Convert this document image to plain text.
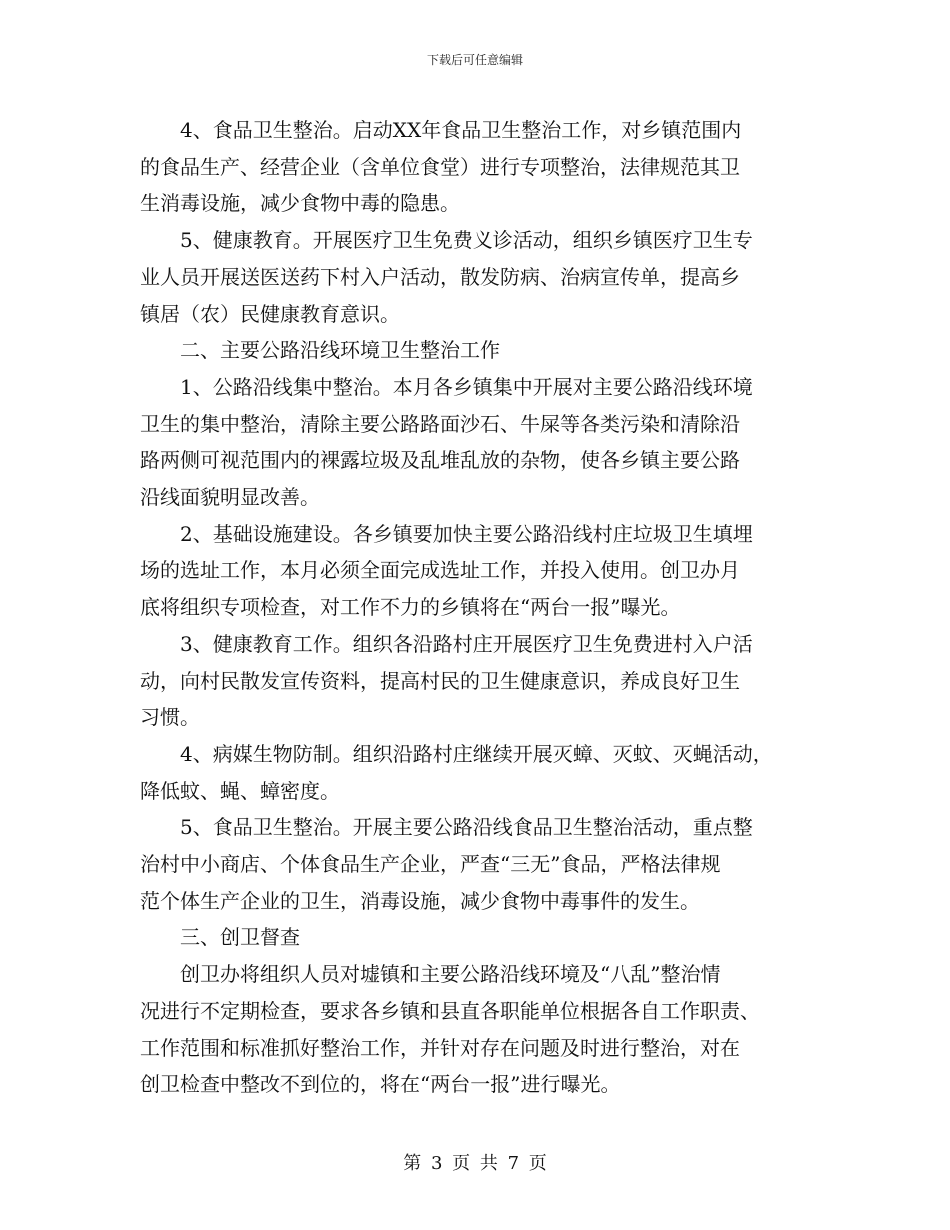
下载后可任意编辑

4、食品卫生整治。启动XX年食品卫生整治工作，对乡镇范围内
的食品生产、经营企业（含单位食堂）进行专项整治，法律规范其卫
生消毒设施，减少食物中毒的隐患。

5、健康教育。开展医疗卫生免费义诊活动，组织乡镇医疗卫生专
业人员开展送医送药下村入户活动，散发防病、治病宣传单，提高乡
镇居（农）民健康教育意识。

二、主要公路沿线环境卫生整治工作

1、公路沿线集中整治。本月各乡镇集中开展对主要公路沿线环境
卫生的集中整治，清除主要公路路面沙石、牛屎等各类污染和清除沿
路两侧可视范围内的裸露垃圾及乱堆乱放的杂物，使各乡镇主要公路
沿线面貌明显改善。

2、基础设施建设。各乡镇要加快主要公路沿线村庄垃圾卫生填埋
场的选址工作，本月必须全面完成选址工作，并投入使用。创卫办月
底将组织专项检查，对工作不力的乡镇将在“两台一报”曝光。

3、健康教育工作。组织各沿路村庄开展医疗卫生免费进村入户活
动，向村民散发宣传资料，提高村民的卫生健康意识，养成良好卫生
习惯。

4、病媒生物防制。组织沿路村庄继续开展灭蟑、灭蚊、灭蝇活动，
降低蚊、蝇、蟑密度。

5、食品卫生整治。开展主要公路沿线食品卫生整治活动，重点整
治村中小商店、个体食品生产企业，严查“三无”食品，严格法律规
范个体生产企业的卫生，消毒设施，减少食物中毒事件的发生。

三、创卫督查

创卫办将组织人员对墟镇和主要公路沿线环境及“八乱”整治情
况进行不定期检查，要求各乡镇和县直各职能单位根据各自工作职责、
工作范围和标准抓好整治工作，并针对存在问题及时进行整治，对在
创卫检查中整改不到位的，将在“两台一报”进行曝光。

第 3 页 共 7 页
